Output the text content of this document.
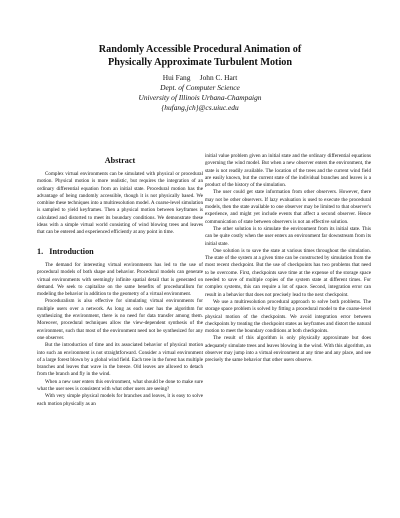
Randomly Accessible Procedural Animation of
Physically Approximate Turbulent Motion
Hui Fang     John C. Hart
Dept. of Computer Science
University of Illinois Urbana-Champaign
{hufang,jch}@cs.uiuc.edu
Abstract

Complex virtual environments can be simulated with physical or procedural motion. Physical motion is more realistic, but requires the integration of an ordinary differential equation from an initial state. Procedural motion has the advantage of being randomly accessible, though it is not physically based. We combine these techniques into a multiresolution model. A coarse-level simulation is sampled to yield keyframes. Then a physical motion between keyframes is calculated and distorted to meet its boundary conditions. We demonstrate these ideas with a simple virtual world consisting of wind blowing trees and leaves that can be entered and experienced efficiently at any point in time.

1.   Introduction

The demand for interesting virtual environments has led to the use of procedural models of both shape and behavior. Procedural models can generate virtual environments with seemingly infinite spatial detail that is generated on demand. We seek to capitalize on the same benefits of procedurallism for modeling the behavior in addition to the geometry of a virtual environment.

Proceduralism is also effective for simulating virtual environments for multiple users over a network. As long as each user has the algorithm for synthesizing the environment, there is no need for data transfer among them. Moreover, procedural techniques allow the view-dependent synthesis of the environment, such that most of the environment need not be synthesized for any one observer.

But the introduction of time and its associated behavior of physical motion into such an environment is not straightforward. Consider a virtual environment of a large forest blown by a global wind field. Each tree in the forest has multiple branches and leaves that wave in the breeze. Old leaves are allowed to detach from the branch and fly in the wind.

When a new user enters this environment, what should be done to make sure what the user sees is consistent with what other users are seeing?

With very simple physical models for branches and leaves, it is easy to solve each motion physically as an

initial value problem given an initial state and the ordinary differential equations governing the wind model. But when a new observer enters the environment, the state is not readily available. The location of the trees and the current wind field are easily known, but the current state of the individual branches and leaves is a product of the history of the simulation.

The user could get state information from other observers. However, there may not be other observers. If lazy evaluation is used to execute the procedural models, then the state available to one observer may be limited to that observer's experience, and might yet include events that affect a second observer. Hence communication of state between observers is not an effective solution.

The other solution is to simulate the environment from its initial state. This can be quite costly when the user enters an environment far downstream from its initial state.

One solution is to save the state at various times throughout the simulation. The state of the system at a given time can be constructed by simulation from the most recent checkpoint. But the use of checkpoints has two problems that need to be overcome. First, checkpoints save time at the expense of the storage space needed to save of multiple copies of the system state at different times. For complex systems, this can require a lot of space. Second, integration error can result in a behavior that does not precisely lead to the next checkpoint.

We use a multiresolution procedural approach to solve both problems. The storage space problem is solved by fitting a procedural model to the coarse-level physical motion of the checkpoints. We avoid integration error between checkpoints by treating the checkpoint states as keyframes and distort the natural motion to meet the boundary conditions at both checkpoints.

The result of this algorithm is only physically approximate but does adequately simulate trees and leaves blowing in the wind. With this algorithm, an observer may jump into a virtual environment at any time and any place, and see precisely the same behavior that other users observe.
